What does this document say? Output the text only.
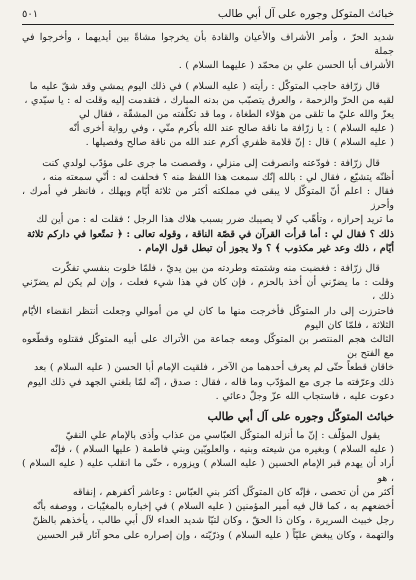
خبائث المتوكل وجوره على آل أبي طالب
٥٠١

شديد الحرّ ، وأمر الأشراف والأعيان والقادة بأن يخرجوا مشاةً بين أيديهما ، وأخرجوا في جملة

الأشراف أبا الحسن علي بن محمّد ( عليهما السلام ) .

قال زرّافة حاجب المتوكّل : رأيته ( عليه السلام ) في ذلك اليوم يمشي وقد شقّ عليه ما

لقيه من الحرّ والزحمة ، والعرق يتصبّب من بدنه المبارك ، فتقدمت إليه وقلت له : يا سيّدي ،

يعزّ والله عليّ ما تلقى من هؤلاء الطغاة ، وما قد تكلّفته من المشقّة ، فقال لي

( عليه السلام ) : يا زرّافة ما ناقة صالح عند الله بأكرم منّي ، وفي رواية أخرى أنّه

( عليه السلام ) قال : إنّ قلامة ظفري أكرم عند الله من ناقة صالح وفصيلها .

قال زرّافة : فودّعته وانصرفت إلى منزلي ، وقصصت ما جرى على مؤدّب لولدي كنت

أظنّه يتشيّع ، فقال لي : بالله إنّك سمعت هذا اللفظ منه ؟ فحلفت له : أنّي سمعته منه ،

فقال : اعلم أنّ المتوكّل لا يبقى في مملكته أكثر من ثلاثة أيّام ويهلك ، فانظر في أمرك ، وأحرز

ما تريد إحرازه ، وتأهّب كي لا يصيبك ضرر بسبب هلاك هذا الرجل ؛ فقلت له : من أين لك

ذلك ؟ فقال لي : أما قرأت القرآن في قصّة الناقة ، وقوله تعالى : ﴿ تمتّعوا في داركم ثلاثة

أيّام ، ذلك وعد غير مكذوب ﴾ ؟ ولا يجوز أن تبطل قول الإمام .

قال زرّافة : فغضبت منه وشتمته وطردته من بين يديّ ، فلمّا خلوت بنفسي تفكّرت

وقلت : ما يضرّني أن أخذ بالحزم ، فإن كان في هذا شيء فعلت ، وإن لم يكن لم يضرّني ذلك ،

فاحترزت إلى دار المتوكّل فأخرجت منها ما كان لي من أموالي وجعلت أنتظر انقضاء الأيّام الثلاثة ، فلمّا كان اليوم

الثالث هجم المنتصر بن المتوكّل ومعه جماعة من الأتراك على أبيه المتوكّل فقتلوه وقطّعوه مع الفتح بن

خاقان قطعاً حتّى لم يعرف أحدهما من الآخر ، فلقيت الإمام أبا الحسن ( عليه السلام ) بعد

ذلك وعرّفته ما جرى مع المؤدّب وما قاله ، فقال : صدق ، إنّه لمّا بلغني الجهد في ذلك اليوم

دعوت عليه ، فاستجاب الله عزّ وجلّ دعائي .

خبائث المتوكّل وجوره على آل أبي طالب

يقول المؤلّف : إنّ ما أنزله المتوكّل العبّاسي من عذاب وأذى بالإمام علي النقيّ

( عليه السلام ) وبغيره من شيعته وبنيه ، والعلويّين وبني فاطمة ( عليها السلام ) ، فإنّه

أراد أن يهدم قبر الإمام الحسين ( عليه السلام ) ويزوره ، حتّى ما انقلب عليه ( عليه السلام ) ، هو

أكثر من أن تحصى ، فإنّه كان المتوكّل أكثر بني العبّاس : وعاشر أكفرهم ، إنفاقه

أخضعهم به ، كما قال فيه أمير المؤمنين ( عليه السلام ) في إخباره بالمغيّبات ، ووصفه بأنّه

رجل خبيث السريرة ، وكان ذا الحقّ ، وكان لتيّا شديد العداء لآل أبي طالب ، يأخذهم بالظنّ

والتهمة ، وكان يبغض عليّاً ( عليه السلام ) وذرّيّته ، وإن إصراره على محو آثار قبر الحسين
